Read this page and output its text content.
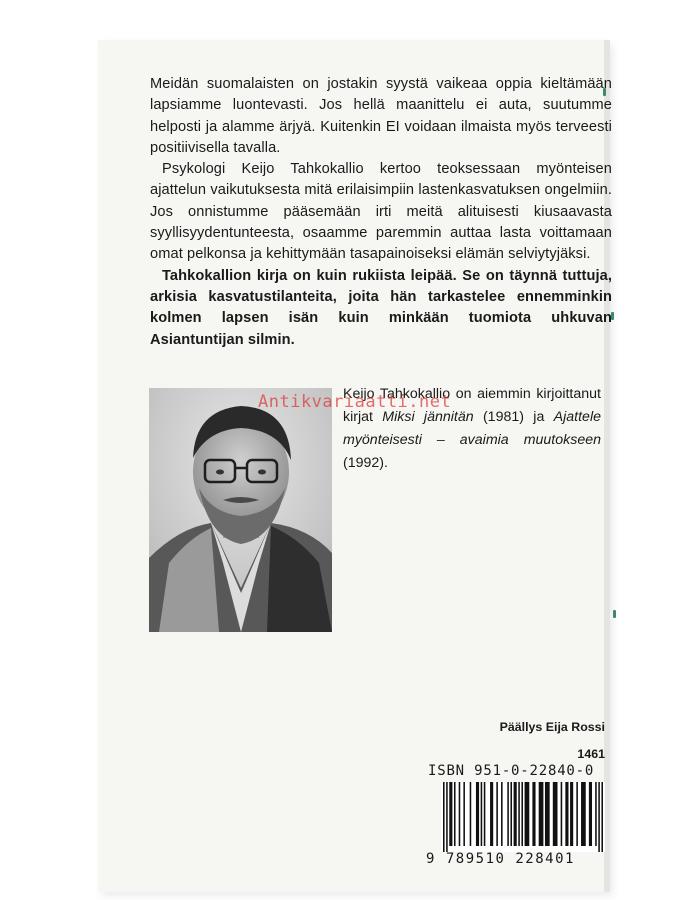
Meidän suomalaisten on jostakin syystä vaikeaa oppia kieltämään lapsiamme luontevasti. Jos hellä maanittelu ei auta, suutumme helposti ja alamme ärjyä. Kuitenkin EI voidaan ilmaista myös terveesti positiivisella tavalla.

Psykologi Keijo Tahkokallio kertoo teoksessaan myönteisen ajattelun vaikutuksesta mitä erilaisimpiin lastenkasvatuksen ongelmiin. Jos onnistumme pääsemään irti meitä alituisesti kiusaavasta syyllisyydentunteesta, osaamme paremmin auttaa lasta voittamaan omat pelkonsa ja kehittymään tasapainoiseksi elämän selviytyjäksi.

Tahkokallion kirja on kuin rukiista leipää. Se on täynnä tuttuja, arkisia kasvatustilanteita, joita hän tarkastelee ennemminkin kolmen lapsen isän kuin minkään tuomiota uhkuvan Asiantuntijan silmin.

Keijo Tahkokallio on aiemmin kirjoittanut kirjat Miksi jännitän (1981) ja Ajattele myönteisesti – avaimia muutokseen (1992).
Antikvariaatti.net
Päällys Eija Rossi
1461
ISBN 951-0-22840-0
9 789510 228401
